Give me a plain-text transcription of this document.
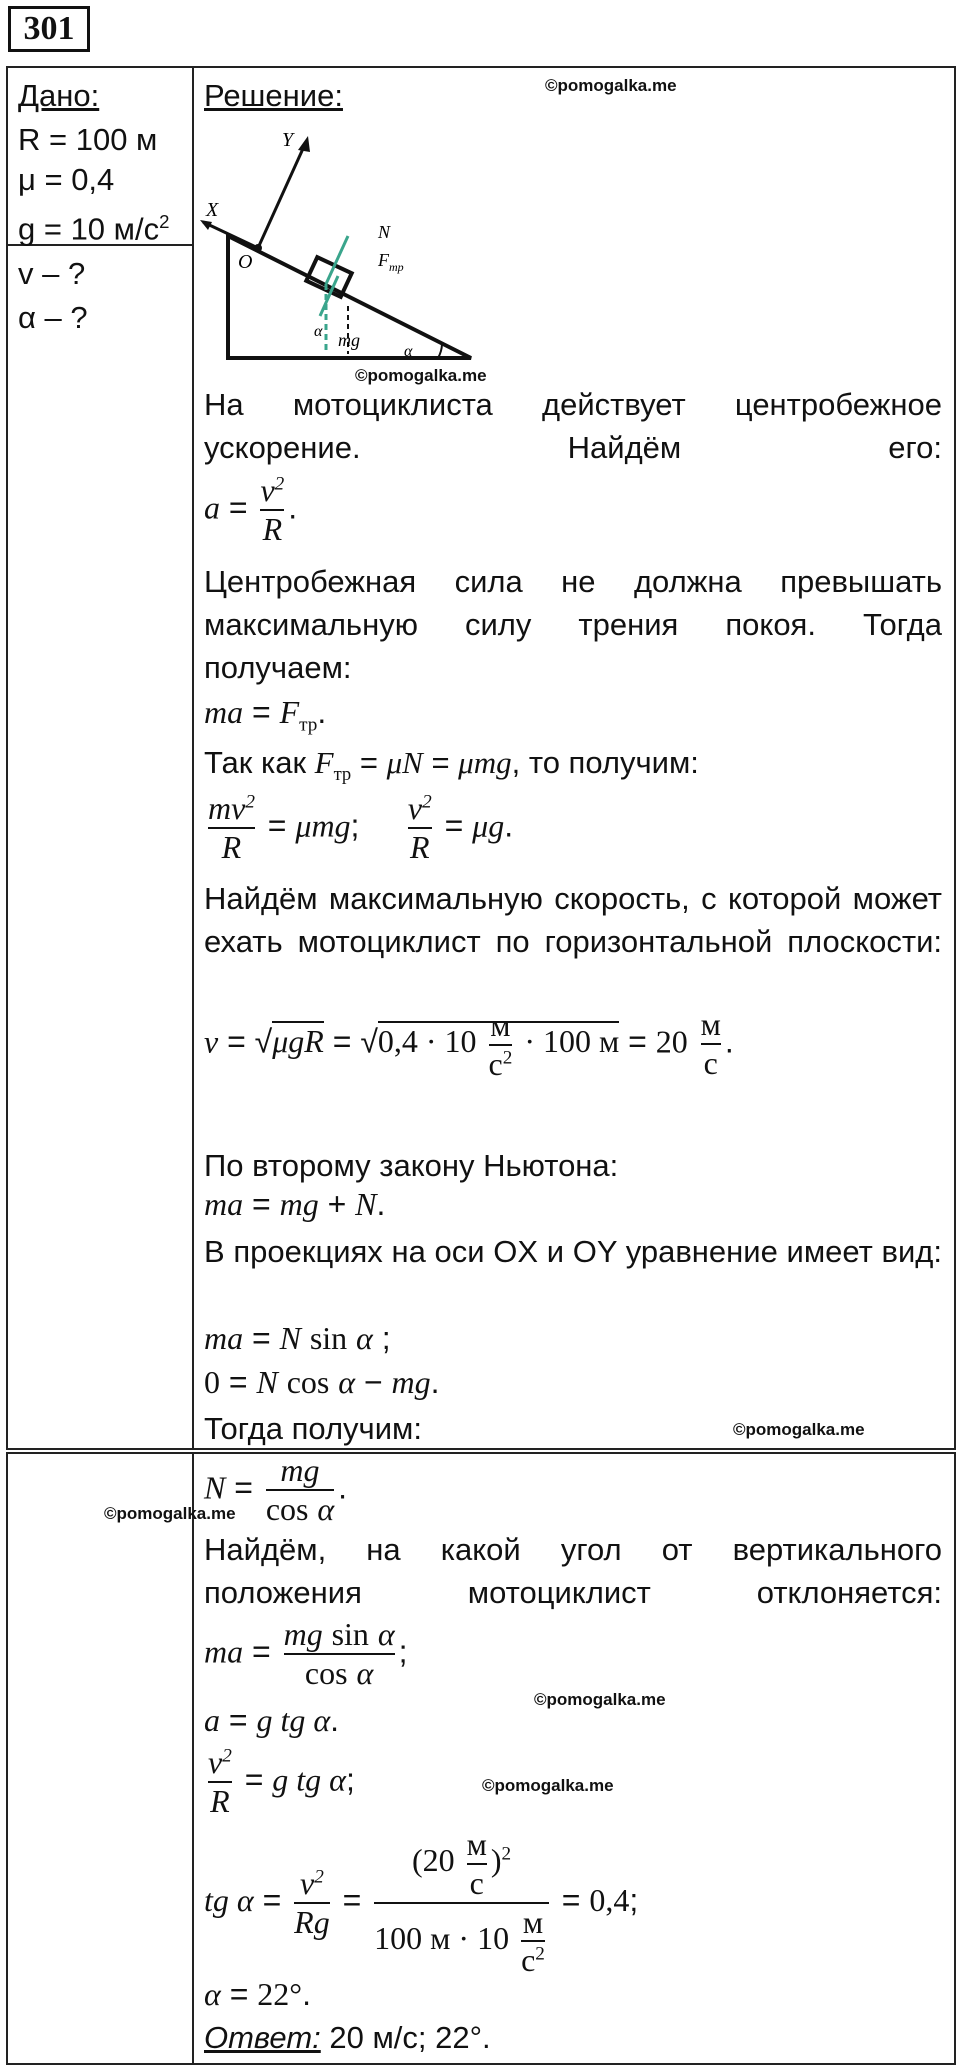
301
Дано:
R = 100 м
μ = 0,4
g = 10 $м/с^2$
v – ?
α – ?
Решение:	©pomogalka.me
Y
X
O
N
$F_{тр}$
mg
α
α
©pomogalka.me
На мотоциклиста действует центробежное ускорение. Найдём его:
$a = \frac{v^2}{R}$ .
Центробежная сила не должна превышать максимальную силу трения покоя. Тогда получаем:
ma = $F_{тр}$.
Так как $F_{тр} = \mu N = \mu mg$, то получим:
$\frac{mv^2}{R} = \mu mg$; $\frac{v^2}{R} = \mu g$.
Найдём максимальную скорость, с которой может ехать мотоциклист по горизонтальной плоскости:
$v = √\mu gR = √0,4 \cdot 10 \frac{м}{с^2} \cdot 100$ $м = 20 \frac{м}{с}$ .
По второму закону Ньютона:
ma = mg + N.
В проекциях на оси OX и OY уравнение имеет вид:
ma = N sin α ;
0 = N cos α − mg.
Тогда получим:	©pomogalka.me
©pomogalka.me
$N = \frac{mg}{\text{cos α}}$ .
Найдём, на какой угол от вертикального положения мотоциклист отклоняется:
ma = $\frac{\text{mg sin α}}{\text{cos α}}$ ;
©pomogalka.me
a = g tg α.
$\frac{v^2}{R} = g$ tg α;	©pomogalka.me
tg $\alpha = \frac{v^2}{Rg} = \frac{(20 \frac{м}{с} )^2}{100 м \cdot 10 \frac{м}{с^2}} = 0,4$;
α = 22°.
Ответ: 20 м/с; 22°.
